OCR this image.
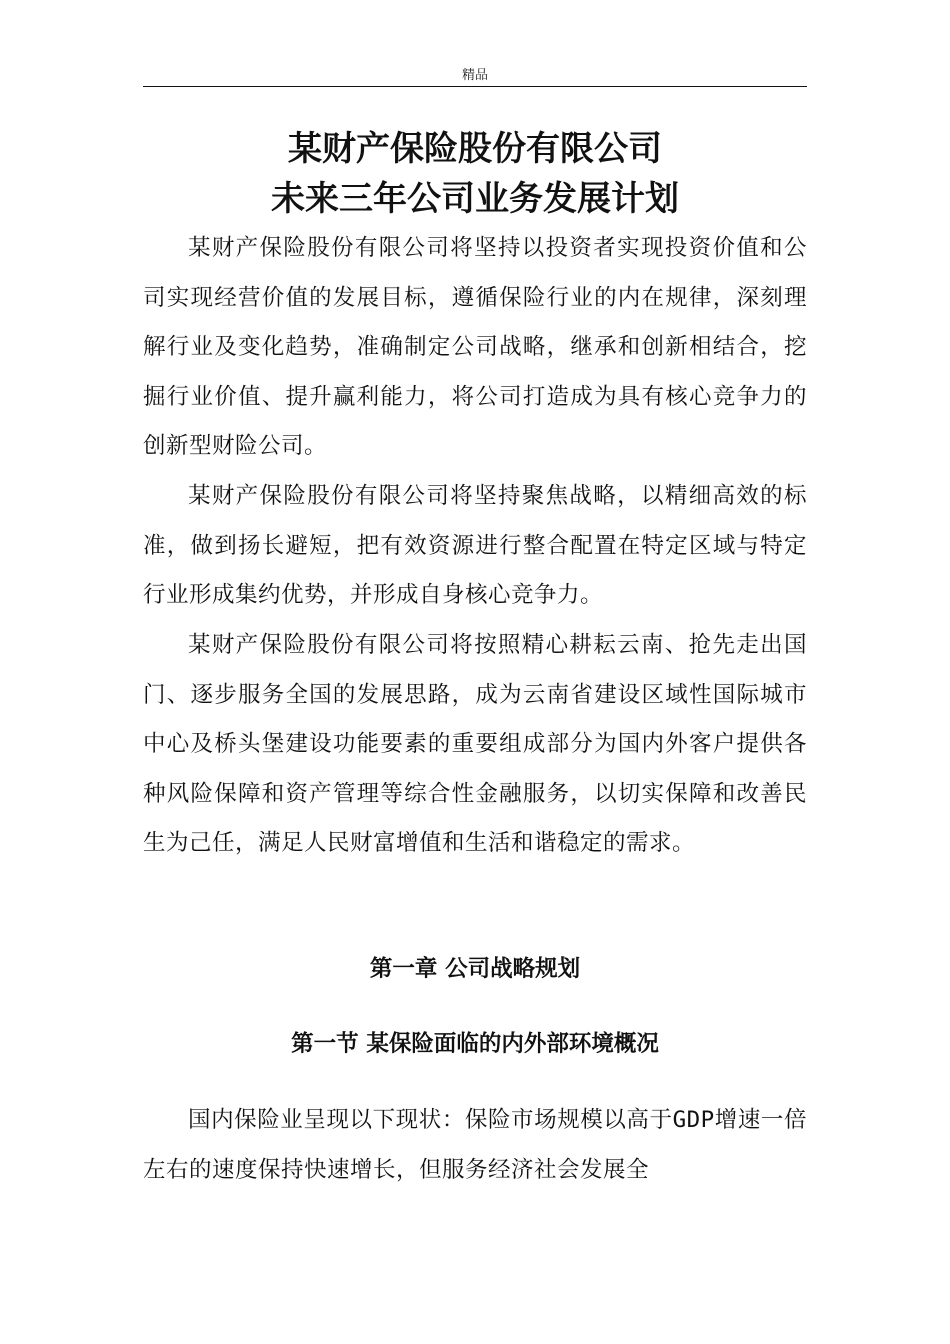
精品
某财产保险股份有限公司
未来三年公司业务发展计划

某财产保险股份有限公司将坚持以投资者实现投资价值和公司实现经营价值的发展目标，遵循保险行业的内在规律，深刻理解行业及变化趋势，准确制定公司战略，继承和创新相结合，挖掘行业价值、提升赢利能力，将公司打造成为具有核心竞争力的创新型财险公司。

某财产保险股份有限公司将坚持聚焦战略，以精细高效的标准，做到扬长避短，把有效资源进行整合配置在特定区域与特定行业形成集约优势，并形成自身核心竞争力。

某财产保险股份有限公司将按照精心耕耘云南、抢先走出国门、逐步服务全国的发展思路，成为云南省建设区域性国际城市中心及桥头堡建设功能要素的重要组成部分为国内外客户提供各种风险保障和资产管理等综合性金融服务，以切实保障和改善民生为己任，满足人民财富增值和生活和谐稳定的需求。

第一章 公司战略规划
第一节 某保险面临的内外部环境概况

国内保险业呈现以下现状：保险市场规模以高于GDP增速一倍左右的速度保持快速增长，但服务经济社会发展全
